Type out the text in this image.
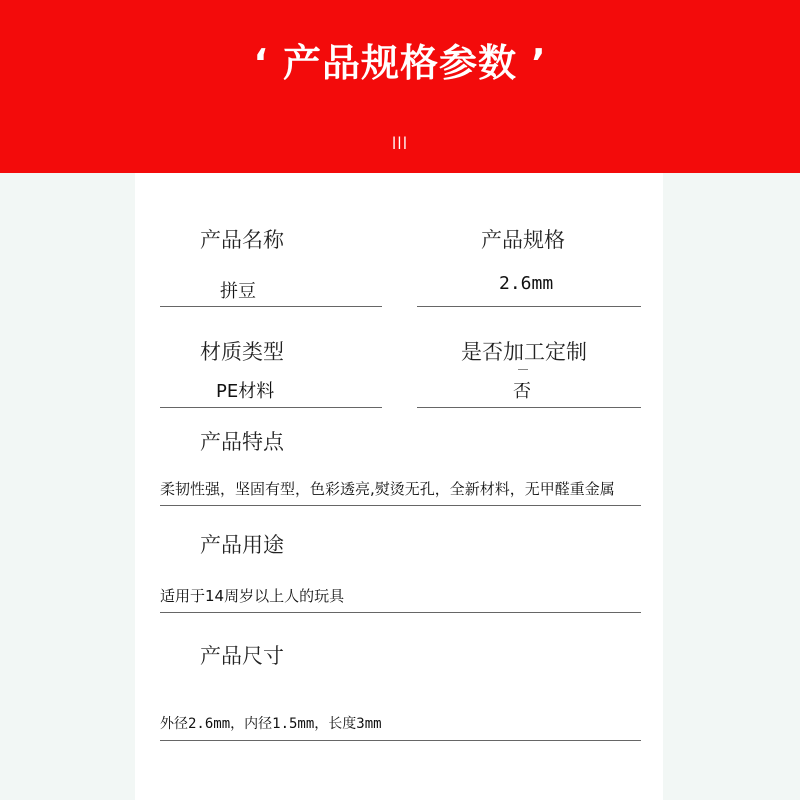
‘ 产品规格参数 ’
|||
产品名称	产品规格
拼豆	2.6mm
材质类型	是否加工定制
PE材料	否
产品特点
柔韧性强，坚固有型，色彩透亮,熨烫无孔，全新材料，无甲醛重金属
产品用途
适用于14周岁以上人的玩具
产品尺寸
外径2.6mm，内径1.5mm，长度3mm
